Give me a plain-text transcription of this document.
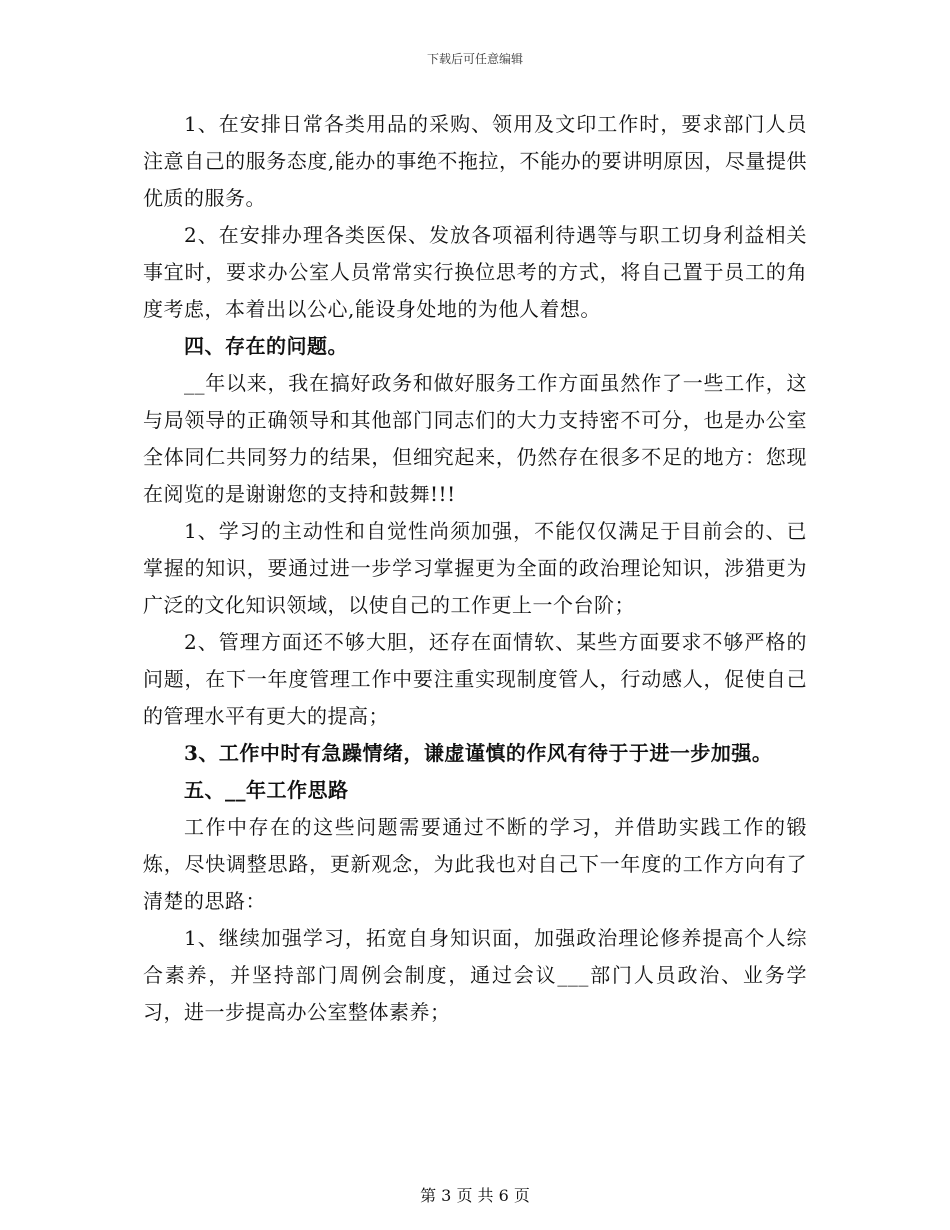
下载后可任意编辑

1、在安排日常各类用品的采购、领用及文印工作时，要求部门人员注意自己的服务态度,能办的事绝不拖拉，不能办的要讲明原因，尽量提供优质的服务。

2、在安排办理各类医保、发放各项福利待遇等与职工切身利益相关事宜时，要求办公室人员常常实行换位思考的方式，将自己置于员工的角度考虑，本着出以公心,能设身处地的为他人着想。

四、存在的问题。

__年以来，我在搞好政务和做好服务工作方面虽然作了一些工作，这与局领导的正确领导和其他部门同志们的大力支持密不可分，也是办公室全体同仁共同努力的结果，但细究起来，仍然存在很多不足的地方：您现在阅览的是谢谢您的支持和鼓舞!!!

1、学习的主动性和自觉性尚须加强，不能仅仅满足于目前会的、已掌握的知识，要通过进一步学习掌握更为全面的政治理论知识，涉猎更为广泛的文化知识领域，以使自己的工作更上一个台阶；

2、管理方面还不够大胆，还存在面情软、某些方面要求不够严格的问题，在下一年度管理工作中要注重实现制度管人，行动感人，促使自己的管理水平有更大的提高；

3、工作中时有急躁情绪，谦虚谨慎的作风有待于于进一步加强。

五、__年工作思路

工作中存在的这些问题需要通过不断的学习，并借助实践工作的锻炼，尽快调整思路，更新观念，为此我也对自己下一年度的工作方向有了清楚的思路：

1、继续加强学习，拓宽自身知识面，加强政治理论修养提高个人综合素养，并坚持部门周例会制度，通过会议___部门人员政治、业务学习，进一步提高办公室整体素养；

第 3 页 共 6 页
